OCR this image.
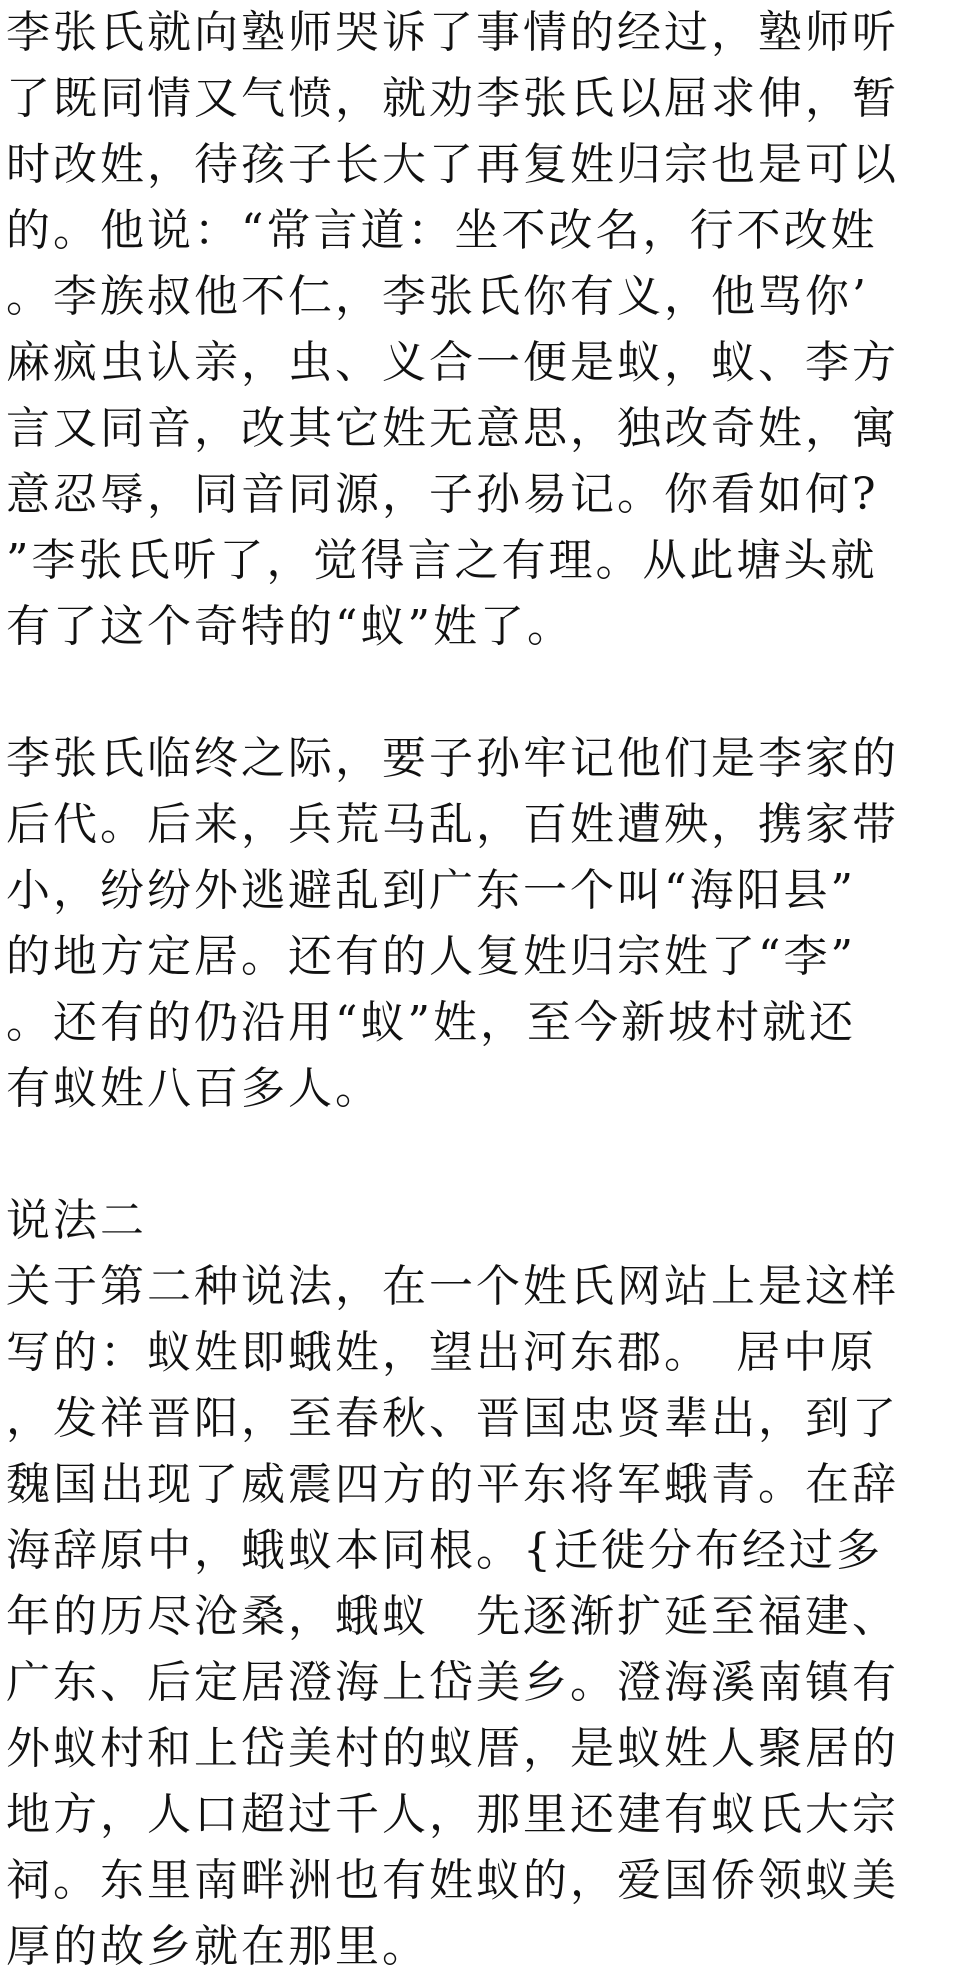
李张氏就向塾师哭诉了事情的经过，塾师听
了既同情又气愤，就劝李张氏以屈求伸，暂
时改姓，待孩子长大了再复姓归宗也是可以
的。他说：“常言道：坐不改名，行不改姓
。李族叔他不仁，李张氏你有义，他骂你’
麻疯虫认亲，虫、义合一便是蚁，蚁、李方
言又同音，改其它姓无意思，独改奇姓，寓
意忍辱，同音同源，子孙易记。你看如何?
”李张氏听了，觉得言之有理。从此塘头就
有了这个奇特的“蚁”姓了。
李张氏临终之际，要子孙牢记他们是李家的
后代。后来，兵荒马乱，百姓遭殃，携家带
小，纷纷外逃避乱到广东一个叫“海阳县”
的地方定居。还有的人复姓归宗姓了“李”
。还有的仍沿用“蚁”姓，至今新坡村就还
有蚁姓八百多人。
说法二
关于第二种说法，在一个姓氏网站上是这样
写的：蚁姓即蛾姓，望出河东郡。　居中原
，发祥晋阳，至春秋、晋国忠贤辈出，到了
魏国出现了威震四方的平东将军蛾青。在辞
海辞原中，蛾蚁本同根。{迁徙分布经过多
年的历尽沧桑，蛾蚁　先逐渐扩延至福建、
广东、后定居澄海上岱美乡。澄海溪南镇有
外蚁村和上岱美村的蚁厝，是蚁姓人聚居的
地方，人口超过千人，那里还建有蚁氏大宗
祠。东里南畔洲也有姓蚁的，爱国侨领蚁美
厚的故乡就在那里。
